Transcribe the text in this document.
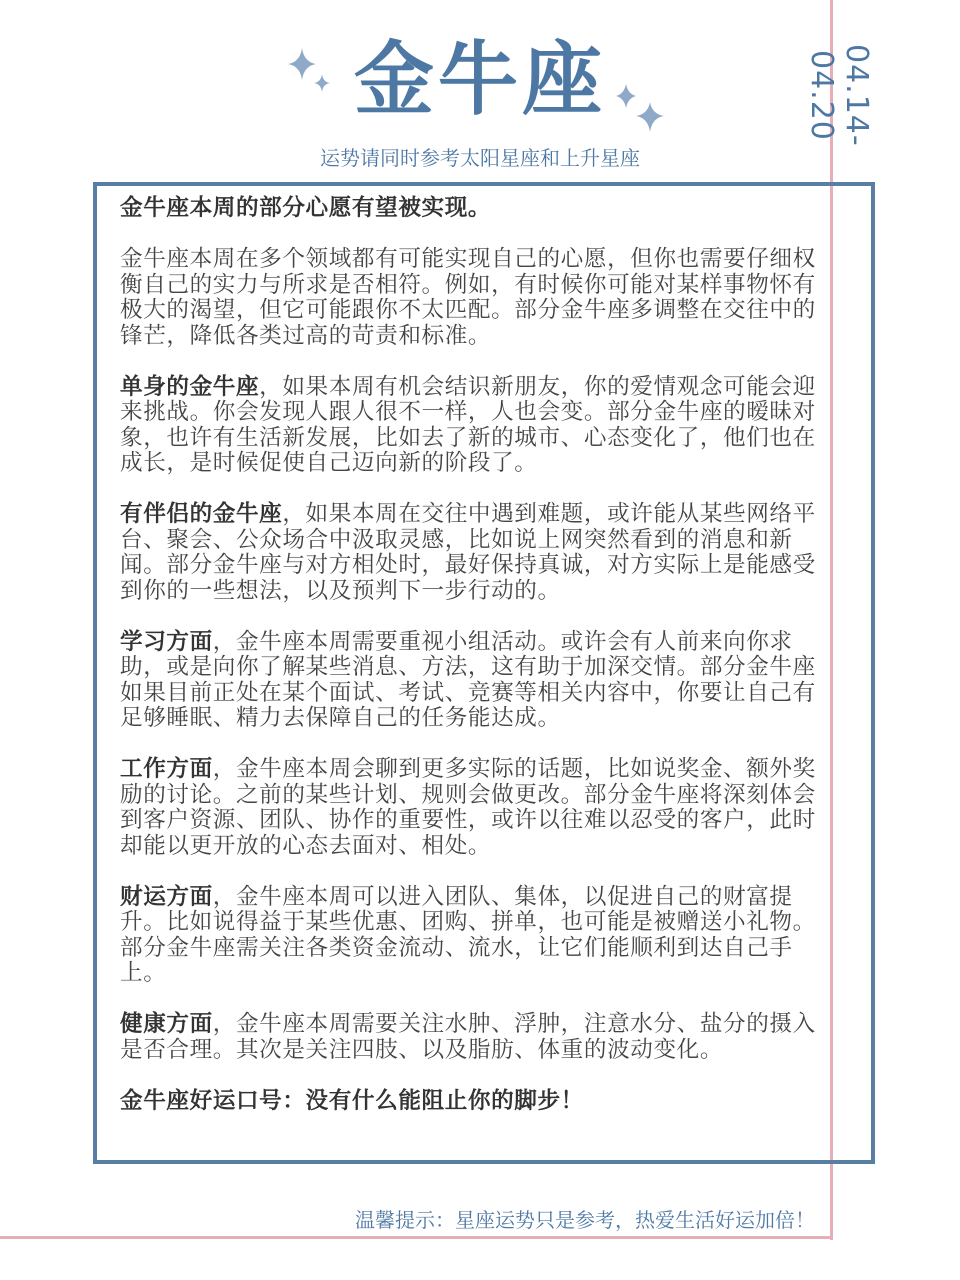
04.14-04.20
金牛座
运势请同时参考太阳星座和上升星座

金牛座本周的部分心愿有望被实现。

金牛座本周在多个领域都有可能实现自己的心愿，但你也需要仔细权衡自己的实力与所求是否相符。例如，有时候你可能对某样事物怀有极大的渴望，但它可能跟你不太匹配。部分金牛座多调整在交往中的锋芒，降低各类过高的苛责和标准。

单身的金牛座，如果本周有机会结识新朋友，你的爱情观念可能会迎来挑战。你会发现人跟人很不一样，人也会变。部分金牛座的暧昧对象，也许有生活新发展，比如去了新的城市、心态变化了，他们也在成长，是时候促使自己迈向新的阶段了。

有伴侣的金牛座，如果本周在交往中遇到难题，或许能从某些网络平台、聚会、公众场合中汲取灵感，比如说上网突然看到的消息和新闻。部分金牛座与对方相处时，最好保持真诚，对方实际上是能感受到你的一些想法，以及预判下一步行动的。

学习方面，金牛座本周需要重视小组活动。或许会有人前来向你求助，或是向你了解某些消息、方法，这有助于加深交情。部分金牛座如果目前正处在某个面试、考试、竞赛等相关内容中，你要让自己有足够睡眠、精力去保障自己的任务能达成。

工作方面，金牛座本周会聊到更多实际的话题，比如说奖金、额外奖励的讨论。之前的某些计划、规则会做更改。部分金牛座将深刻体会到客户资源、团队、协作的重要性，或许以往难以忍受的客户，此时却能以更开放的心态去面对、相处。

财运方面，金牛座本周可以进入团队、集体，以促进自己的财富提升。比如说得益于某些优惠、团购、拼单，也可能是被赠送小礼物。部分金牛座需关注各类资金流动、流水，让它们能顺利到达自己手上。

健康方面，金牛座本周需要关注水肿、浮肿，注意水分、盐分的摄入是否合理。其次是关注四肢、以及脂肪、体重的波动变化。

金牛座好运口号：没有什么能阻止你的脚步！

温馨提示：星座运势只是参考，热爱生活好运加倍！
